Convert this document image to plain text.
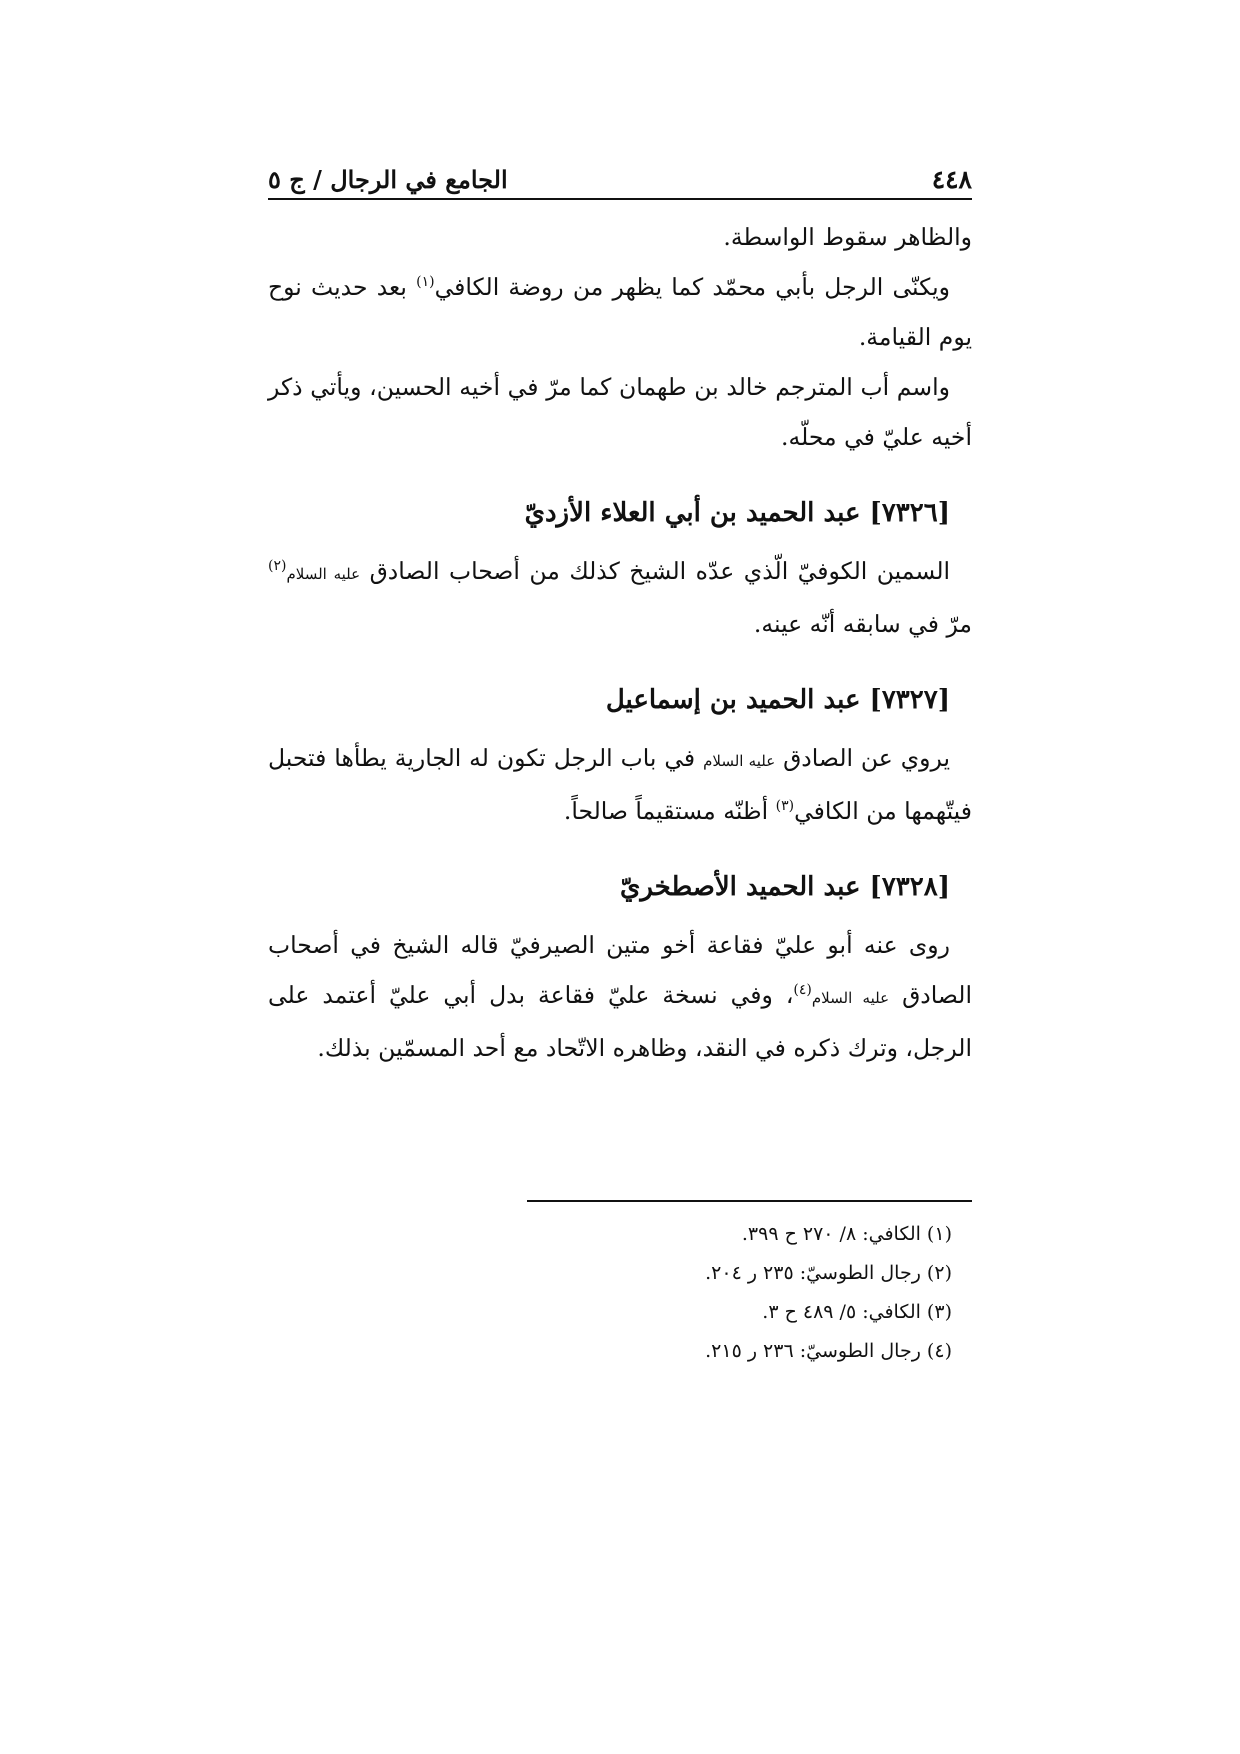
٤٤٨
الجامع في الرجال / ج ٥

والظاهر سقوط الواسطة.

ويكنّى الرجل بأبي محمّد كما يظهر من روضة الكافي$^{(١)}$ بعد حديث نوح يوم القيامة.

واسم أب المترجم خالد بن طهمان كما مرّ في أخيه الحسين، ويأتي ذكر أخيه عليّ في محلّه.

[٧٣٢٦] عبد الحميد بن أبي العلاء الأزديّ

السمين الكوفيّ الّذي عدّه الشيخ كذلك من أصحاب الصادق عليه السلام$^{(٢)}$ مرّ في سابقه أنّه عينه.

[٧٣٢٧] عبد الحميد بن إسماعيل

يروي عن الصادق عليه السلام في باب الرجل تكون له الجارية يطأها فتحبل فيتّهمها من الكافي$^{(٣)}$ أظنّه مستقيماً صالحاً.

[٧٣٢٨] عبد الحميد الأصطخريّ

روى عنه أبو عليّ فقاعة أخو متين الصيرفيّ قاله الشيخ في أصحاب الصادق عليه السلام$^{(٤)}$، وفي نسخة عليّ فقاعة بدل أبي عليّ أعتمد على الرجل، وترك ذكره في النقد، وظاهره الاتّحاد مع أحد المسمّين بذلك.

(١) الكافي: ٨/ ٢٧٠ ح ٣٩٩.

(٢) رجال الطوسيّ: ٢٣٥ ر ٢٠٤.

(٣) الكافي: ٥/ ٤٨٩ ح ٣.

(٤) رجال الطوسيّ: ٢٣٦ ر ٢١٥.
